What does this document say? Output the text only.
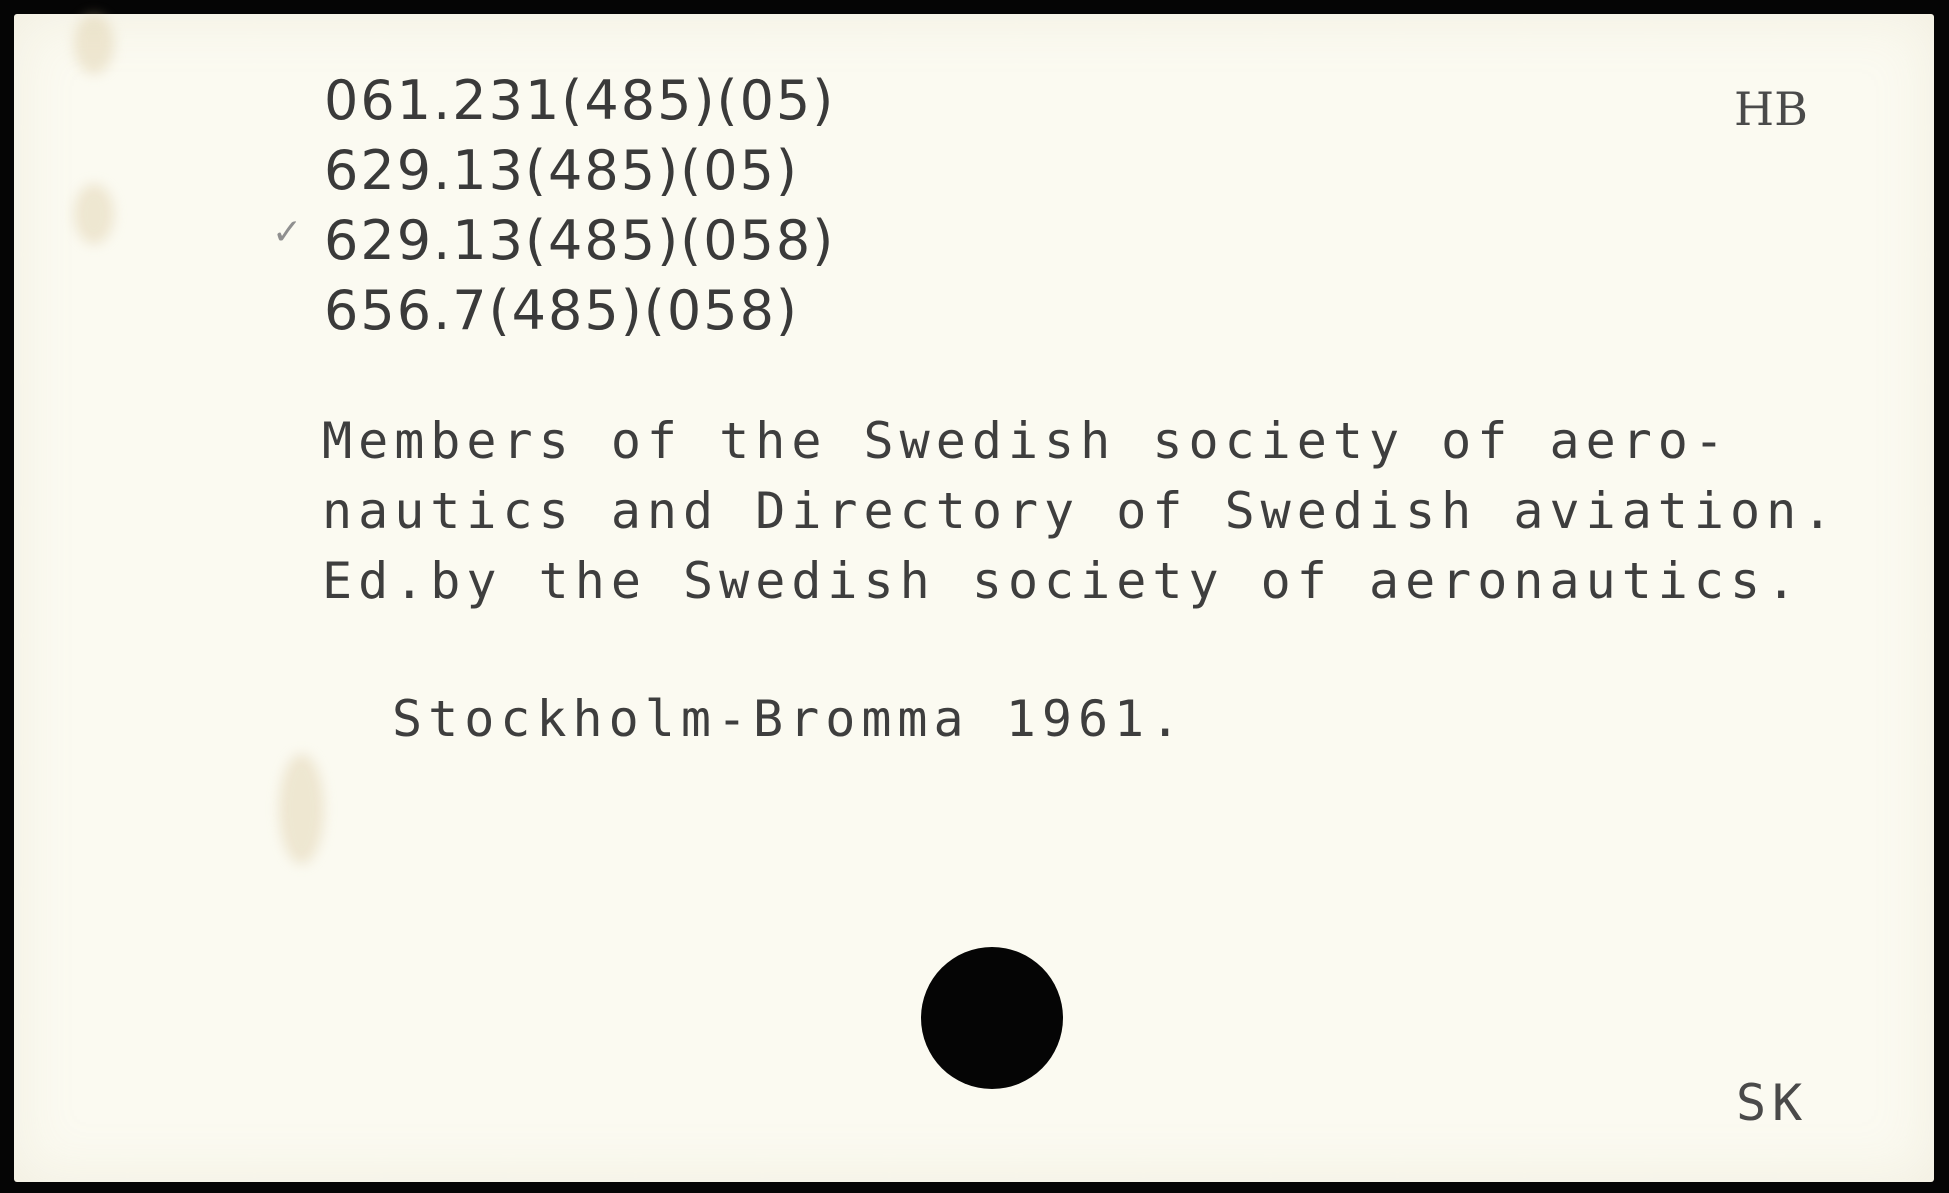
061.231(485)(05)
629.13(485)(05)
✓ 629.13(485)(058)
656.7(485)(058)
HB
Members of the Swedish society of aero-
nautics and Directory of Swedish aviation.
Ed.by the Swedish society of aeronautics.
Stockholm-Bromma 1961.
SK
